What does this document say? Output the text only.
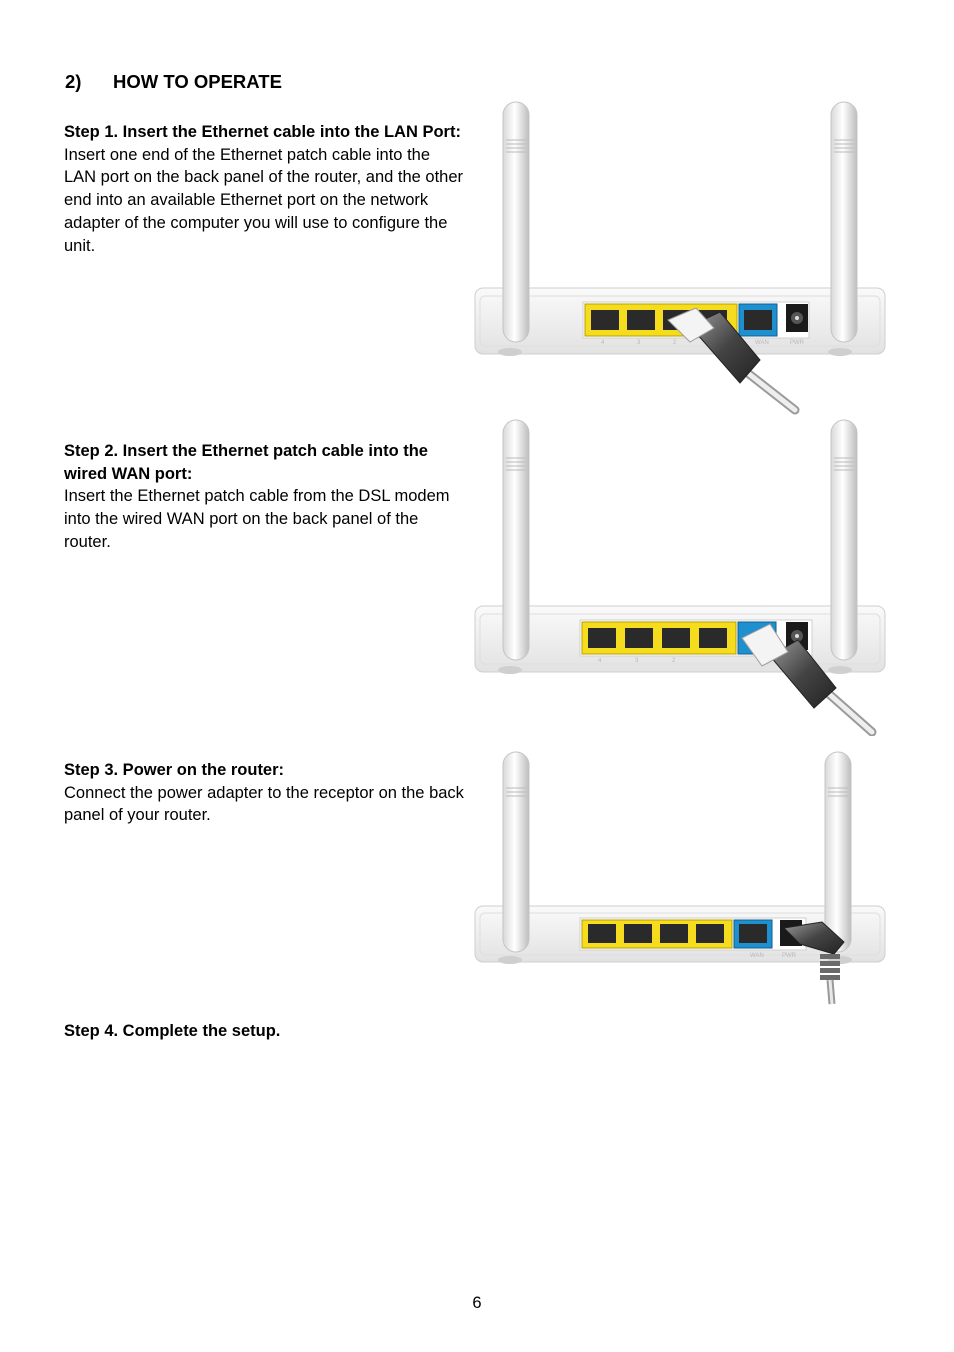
2) HOW TO OPERATE
Step 1. Insert the Ethernet cable into the LAN Port:
Insert one end of the Ethernet patch cable into the LAN port on the back panel of the router, and the other end into an available Ethernet port on the network adapter of the computer you will use to configure the unit.
Step 2. Insert the Ethernet patch cable into the wired WAN port:
Insert the Ethernet patch cable from the DSL modem into the wired WAN port on the back panel of the router.
Step 3. Power on the router:
Connect the power adapter to the receptor on the back panel of your router.
Step 4. Complete the setup.
WAN	PWR
4	3	2
4	3	2
WAN	PWR
6
